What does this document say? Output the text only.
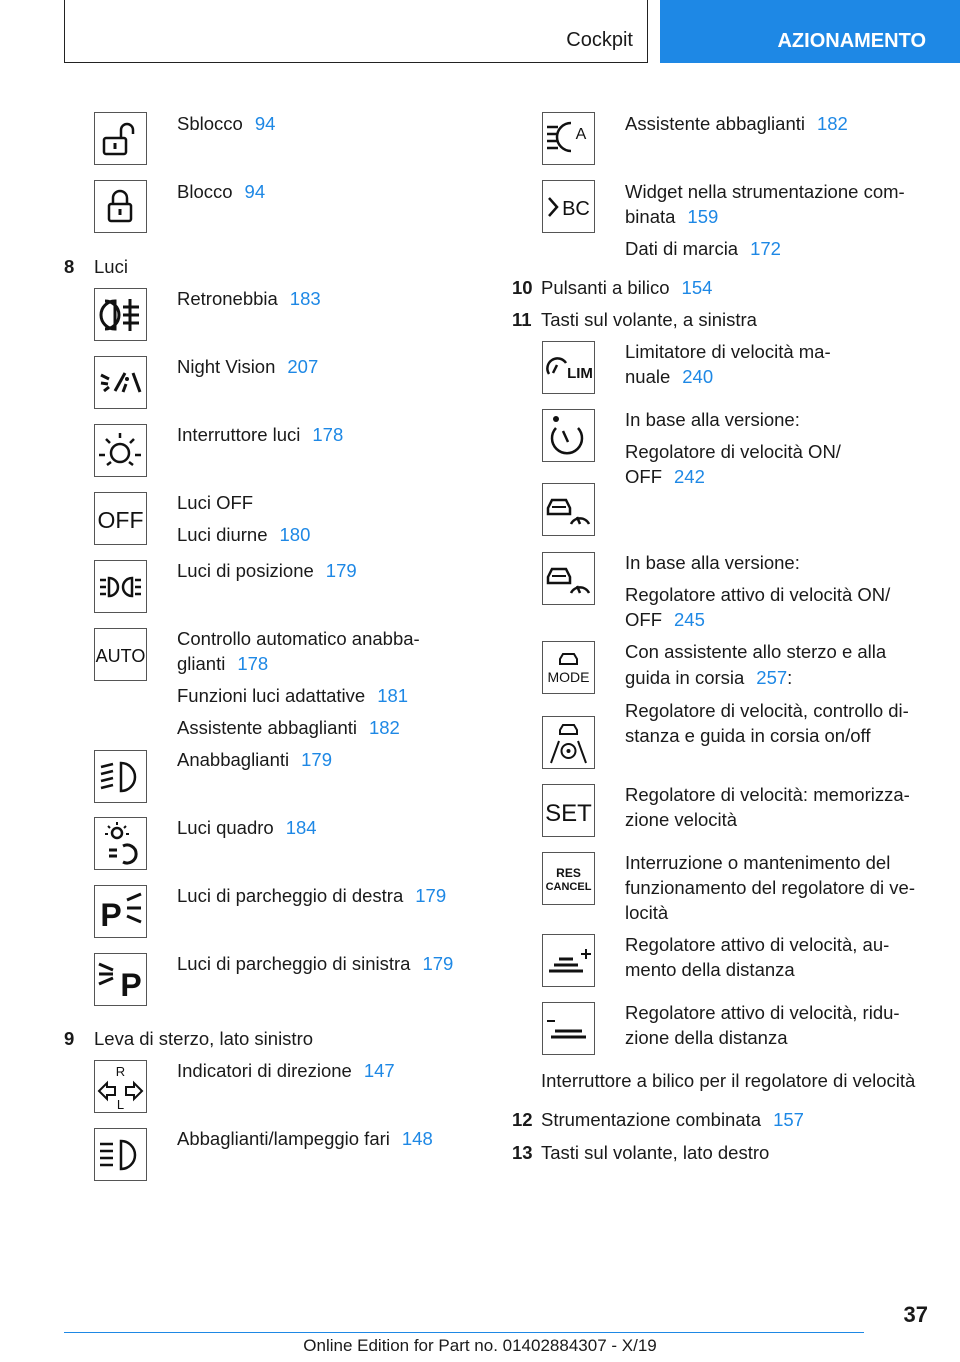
Cockpit	AZIONAMENTO
Sblocco 94
Blocco 94
8 Luci
Retronebbia 183
Night Vision 207
Interruttore luci 178
OFF
Luci OFF
Luci diurne 180
Luci di posizione 179
AUTO
Controllo automatico anabba-
glianti 178
Funzioni luci adattative 181
Assistente abbaglianti 182
Anabbaglianti 179
Luci quadro 184
P
Luci di parcheggio di destra 179
P
Luci di parcheggio di sinistra 179
9 Leva di sterzo, lato sinistro
R
L
Indicatori di direzione 147
Abbaglianti/lampeggio fari 148
A
Assistente abbaglianti 182
BC
Widget nella strumentazione com-
binata 159
Dati di marcia 172
10 Pulsanti a bilico 154
11 Tasti sul volante, a sinistra
LIM
Limitatore di velocità ma-
nuale 240
In base alla versione:
Regolatore di velocità ON/
OFF 242
In base alla versione:
Regolatore attivo di velocità ON/
OFF 245
MODE
Con assistente allo sterzo e alla
guida in corsia 257:
Regolatore di velocità, controllo di-
stanza e guida in corsia on/off
SET
Regolatore di velocità: memorizza-
zione velocità
RES
CANCEL
Interruzione o mantenimento del
funzionamento del regolatore di ve-
locità
Regolatore attivo di velocità, au-
mento della distanza
Regolatore attivo di velocità, ridu-
zione della distanza
Interruttore a bilico per il regolatore di velocità
12 Strumentazione combinata 157
13 Tasti sul volante, lato destro
37
Online Edition for Part no. 01402884307 - X/19
